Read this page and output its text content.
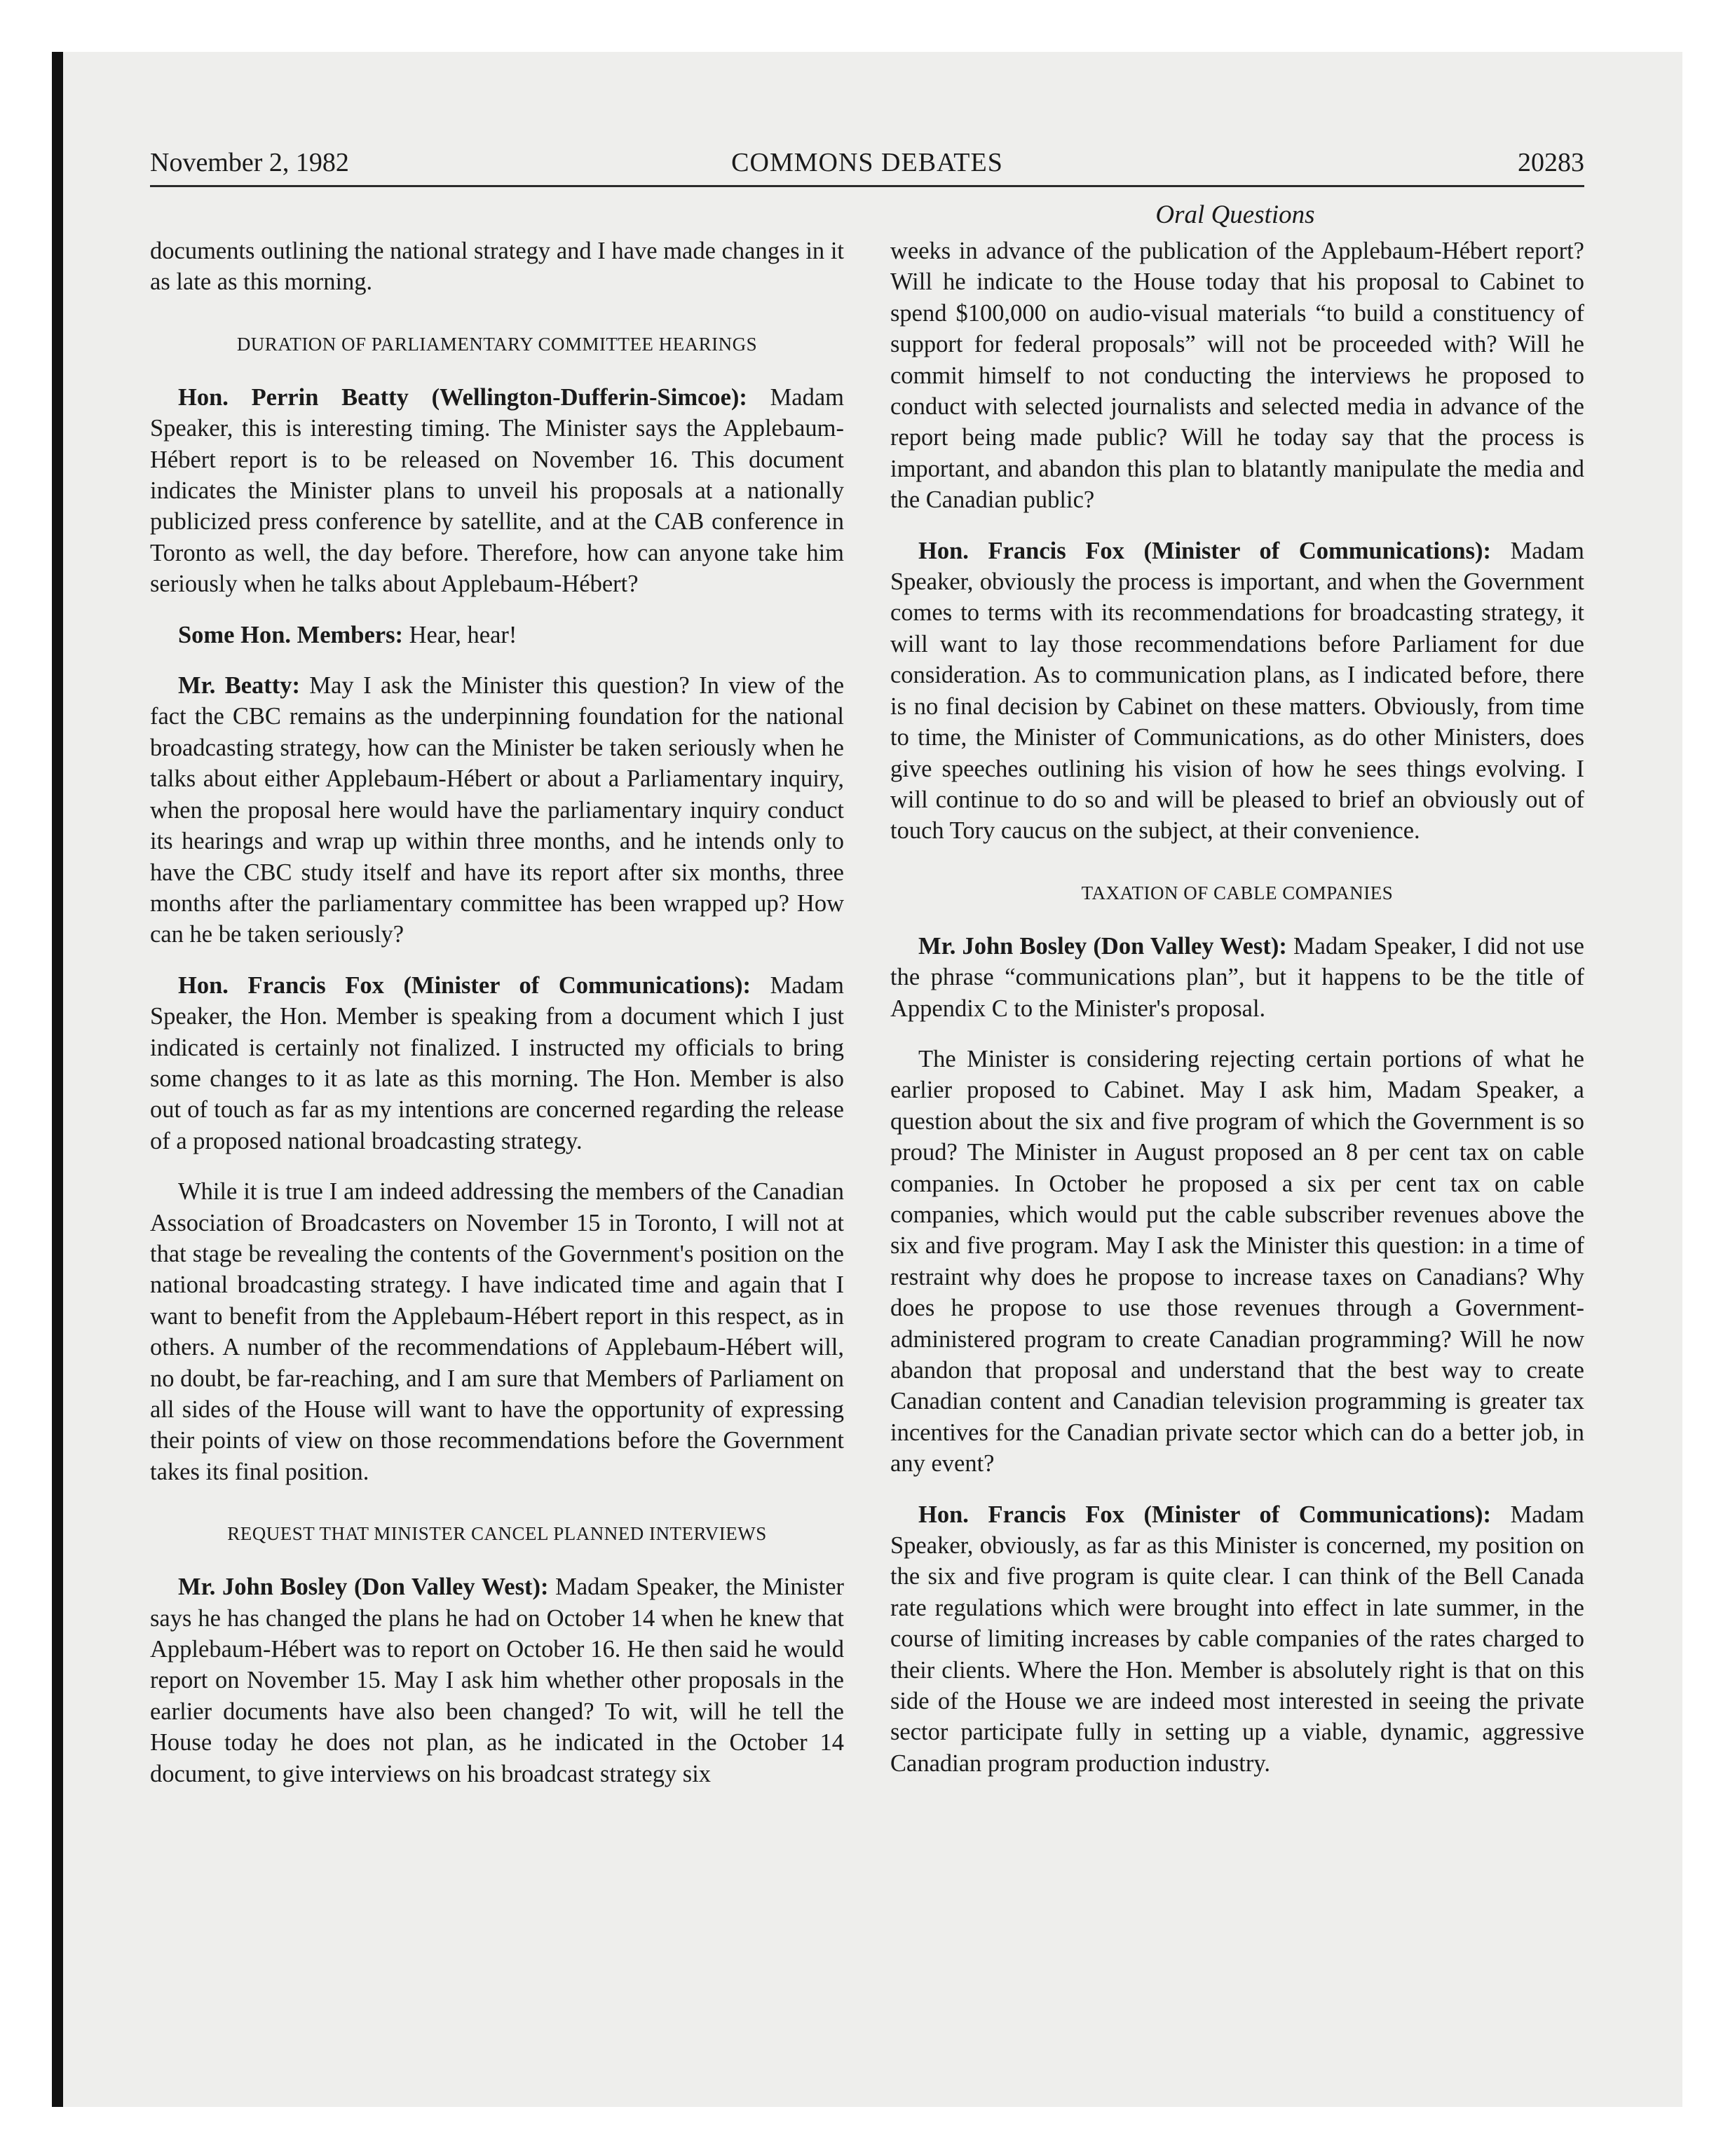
November 2, 1982	COMMONS DEBATES	20283
Oral Questions

documents outlining the national strategy and I have made changes in it as late as this morning.

DURATION OF PARLIAMENTARY COMMITTEE HEARINGS

Hon. Perrin Beatty (Wellington-Dufferin-Simcoe): Madam Speaker, this is interesting timing. The Minister says the Applebaum-Hébert report is to be released on November 16. This document indicates the Minister plans to unveil his proposals at a nationally publicized press conference by satellite, and at the CAB conference in Toronto as well, the day before. Therefore, how can anyone take him seriously when he talks about Applebaum-Hébert?

Some Hon. Members: Hear, hear!

Mr. Beatty: May I ask the Minister this question? In view of the fact the CBC remains as the underpinning foundation for the national broadcasting strategy, how can the Minister be taken seriously when he talks about either Applebaum-Hébert or about a Parliamentary inquiry, when the proposal here would have the parliamentary inquiry conduct its hearings and wrap up within three months, and he intends only to have the CBC study itself and have its report after six months, three months after the parliamentary committee has been wrapped up? How can he be taken seriously?

Hon. Francis Fox (Minister of Communications): Madam Speaker, the Hon. Member is speaking from a document which I just indicated is certainly not finalized. I instructed my officials to bring some changes to it as late as this morning. The Hon. Member is also out of touch as far as my intentions are concerned regarding the release of a proposed national broadcasting strategy.

While it is true I am indeed addressing the members of the Canadian Association of Broadcasters on November 15 in Toronto, I will not at that stage be revealing the contents of the Government's position on the national broadcasting strategy. I have indicated time and again that I want to benefit from the Applebaum-Hébert report in this respect, as in others. A number of the recommendations of Applebaum-Hébert will, no doubt, be far-reaching, and I am sure that Members of Parliament on all sides of the House will want to have the opportunity of expressing their points of view on those recommendations before the Government takes its final position.

REQUEST THAT MINISTER CANCEL PLANNED INTERVIEWS

Mr. John Bosley (Don Valley West): Madam Speaker, the Minister says he has changed the plans he had on October 14 when he knew that Applebaum-Hébert was to report on October 16. He then said he would report on November 15. May I ask him whether other proposals in the earlier documents have also been changed? To wit, will he tell the House today he does not plan, as he indicated in the October 14 document, to give interviews on his broadcast strategy six

weeks in advance of the publication of the Applebaum-Hébert report? Will he indicate to the House today that his proposal to Cabinet to spend $100,000 on audio-visual materials “to build a constituency of support for federal proposals” will not be proceeded with? Will he commit himself to not conducting the interviews he proposed to conduct with selected journalists and selected media in advance of the report being made public? Will he today say that the process is important, and abandon this plan to blatantly manipulate the media and the Canadian public?

Hon. Francis Fox (Minister of Communications): Madam Speaker, obviously the process is important, and when the Government comes to terms with its recommendations for broadcasting strategy, it will want to lay those recommendations before Parliament for due consideration. As to communication plans, as I indicated before, there is no final decision by Cabinet on these matters. Obviously, from time to time, the Minister of Communications, as do other Ministers, does give speeches outlining his vision of how he sees things evolving. I will continue to do so and will be pleased to brief an obviously out of touch Tory caucus on the subject, at their convenience.

TAXATION OF CABLE COMPANIES

Mr. John Bosley (Don Valley West): Madam Speaker, I did not use the phrase “communications plan”, but it happens to be the title of Appendix C to the Minister's proposal.

The Minister is considering rejecting certain portions of what he earlier proposed to Cabinet. May I ask him, Madam Speaker, a question about the six and five program of which the Government is so proud? The Minister in August proposed an 8 per cent tax on cable companies. In October he proposed a six per cent tax on cable companies, which would put the cable subscriber revenues above the six and five program. May I ask the Minister this question: in a time of restraint why does he propose to increase taxes on Canadians? Why does he propose to use those revenues through a Government-administered program to create Canadian programming? Will he now abandon that proposal and understand that the best way to create Canadian content and Canadian television programming is greater tax incentives for the Canadian private sector which can do a better job, in any event?

Hon. Francis Fox (Minister of Communications): Madam Speaker, obviously, as far as this Minister is concerned, my position on the six and five program is quite clear. I can think of the Bell Canada rate regulations which were brought into effect in late summer, in the course of limiting increases by cable companies of the rates charged to their clients. Where the Hon. Member is absolutely right is that on this side of the House we are indeed most interested in seeing the private sector participate fully in setting up a viable, dynamic, aggressive Canadian program production industry.
